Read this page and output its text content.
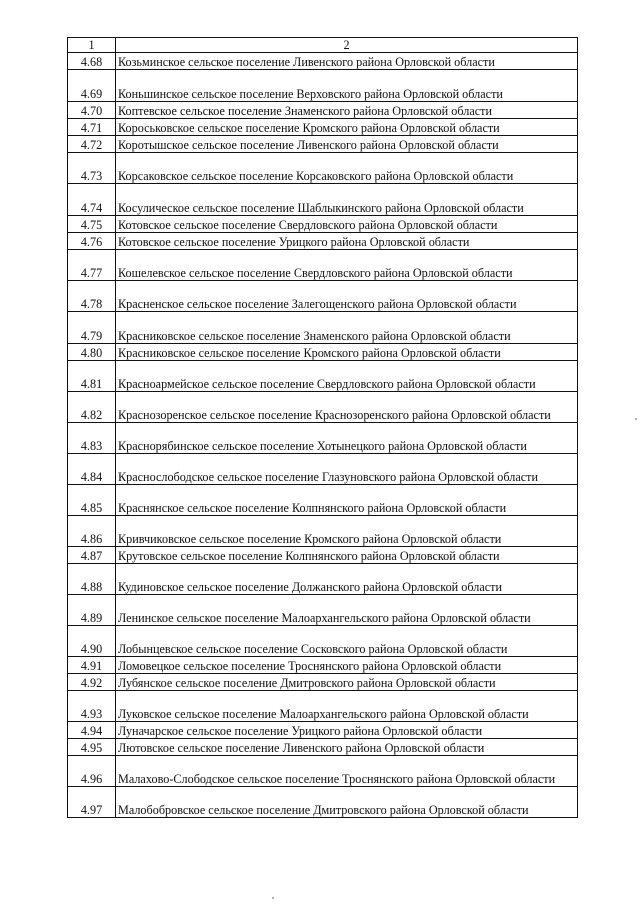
1	2
4.68	Козьминское сельское поселение Ливенского района Орловской области
4.69	Коньшинское сельское поселение Верховского района Орловской области
4.70	Коптевское сельское поселение Знаменского района Орловской области
4.71	Короськовское сельское поселение Кромского района Орловской области
4.72	Коротышское сельское поселение Ливенского района Орловской области
4.73	Корсаковское сельское поселение Корсаковского района Орловской области
4.74	Косулическое сельское поселение Шаблыкинского района Орловской области
4.75	Котовское сельское поселение Свердловского района Орловской области
4.76	Котовское сельское поселение Урицкого района Орловской области
4.77	Кошелевское сельское поселение Свердловского района Орловской области
4.78	Красненское сельское поселение Залегощенского района Орловской области
4.79	Красниковское сельское поселение Знаменского района Орловской области
4.80	Красниковское сельское поселение Кромского района Орловской области
4.81	Красноармейское сельское поселение Свердловского района Орловской области
4.82	Краснозоренское сельское поселение Краснозоренского района Орловской области
4.83	Краснорябинское сельское поселение Хотынецкого района Орловской области
4.84	Краснослободское сельское поселение Глазуновского района Орловской области
4.85	Краснянское сельское поселение Колпнянского района Орловской области
4.86	Кривчиковское сельское поселение Кромского района Орловской области
4.87	Крутовское сельское поселение Колпнянского района Орловской области
4.88	Кудиновское сельское поселение Должанского района Орловской области
4.89	Ленинское сельское поселение Малоархангельского района Орловской области
4.90	Лобынцевское сельское поселение Сосковского района Орловской области
4.91	Ломовецкое сельское поселение Троснянского района Орловской области
4.92	Лубянское сельское поселение Дмитровского района Орловской области
4.93	Луковское сельское поселение Малоархангельского района Орловской области
4.94	Луначарское сельское поселение Урицкого района Орловской области
4.95	Лютовское сельское поселение Ливенского района Орловской области
4.96	Малахово-Слободское сельское поселение Троснянского района Орловской области
4.97	Малобобровское сельское поселение Дмитровского района Орловской области
